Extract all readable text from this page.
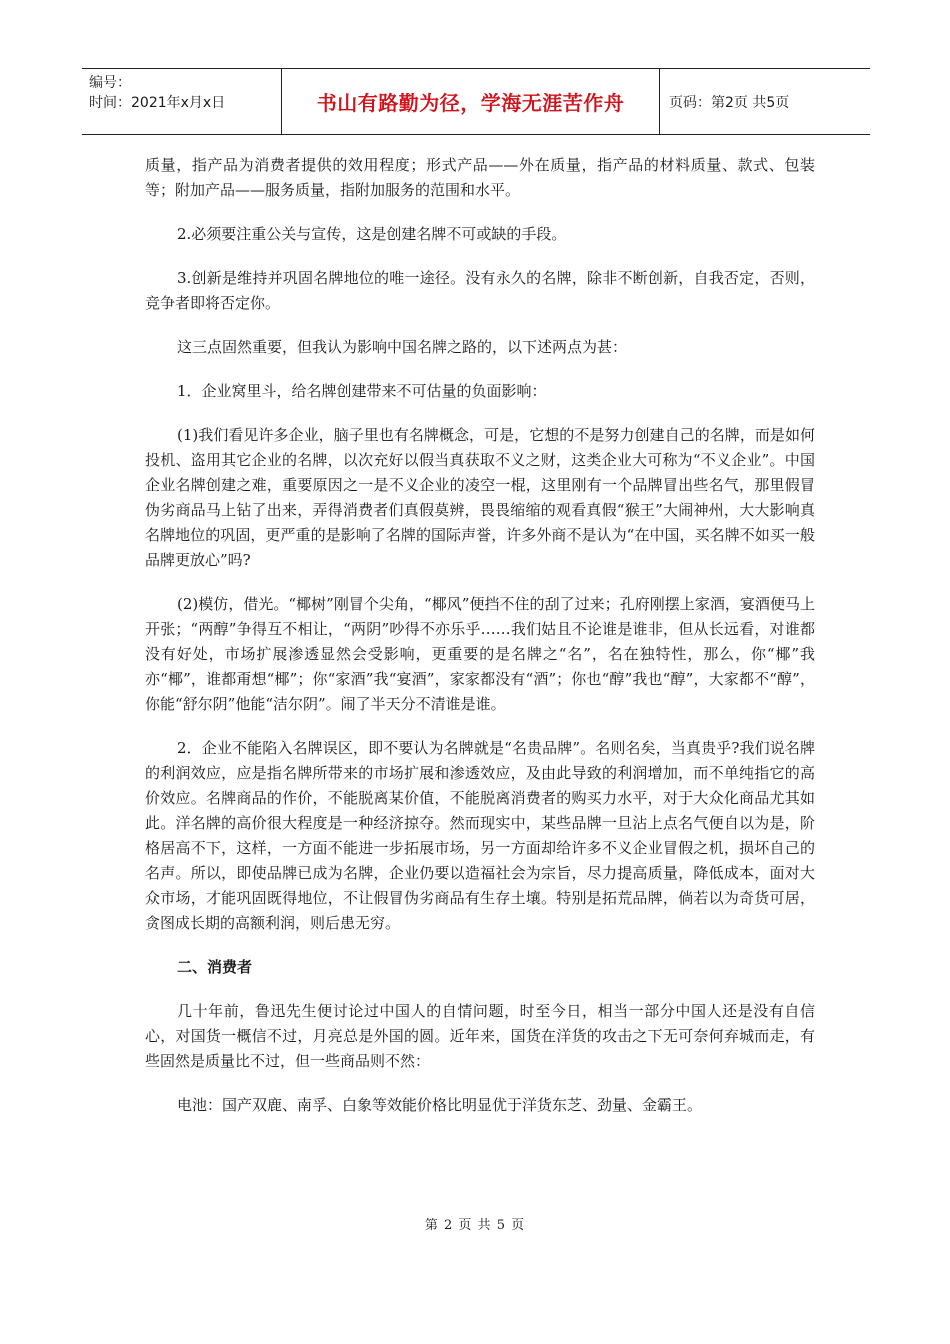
编号：
时间：2021年x月x日	书山有路勤为径，学海无涯苦作舟	页码：第2页 共5页

质量，指产品为消费者提供的效用程度；形式产品——外在质量，指产品的材料质量、款式、包装等；附加产品——服务质量，指附加服务的范围和水平。

2.必须要注重公关与宣传，这是创建名牌不可或缺的手段。

3.创新是维持并巩固名牌地位的唯一途径。没有永久的名牌，除非不断创新，自我否定，否则，竞争者即将否定你。

这三点固然重要，但我认为影响中国名牌之路的，以下述两点为甚：

1．企业窝里斗，给名牌创建带来不可估量的负面影响：

(1)我们看见许多企业，脑子里也有名牌概念，可是，它想的不是努力创建自己的名牌，而是如何投机、盗用其它企业的名牌，以次充好以假当真获取不义之财，这类企业大可称为“不义企业”。中国企业名牌创建之难，重要原因之一是不义企业的凌空一棍，这里刚有一个品牌冒出些名气，那里假冒伪劣商品马上钻了出来，弄得消费者们真假莫辨，畏畏缩缩的观看真假“猴王”大闹神州，大大影响真名牌地位的巩固，更严重的是影响了名牌的国际声誉，许多外商不是认为“在中国，买名牌不如买一般品牌更放心”吗?

(2)模仿，借光。“椰树”刚冒个尖角，“椰风”便挡不住的刮了过来；孔府刚摆上家酒，宴酒便马上开张；“两醇”争得互不相让，“两阴”吵得不亦乐乎……我们姑且不论谁是谁非，但从长远看，对谁都没有好处，市场扩展渗透显然会受影响，更重要的是名牌之“名”，名在独特性，那么，你“椰”我亦“椰”，谁都甭想“椰”；你“家酒”我“宴酒”，家家都没有“酒”；你也“醇”我也“醇”，大家都不“醇”，你能“舒尔阴”他能“洁尔阴”。闹了半天分不清谁是谁。

2．企业不能陷入名牌误区，即不要认为名牌就是“名贵品牌”。名则名矣，当真贵乎?我们说名牌的利润效应，应是指名牌所带来的市场扩展和渗透效应，及由此导致的利润增加，而不单纯指它的高价效应。名牌商品的作价，不能脱离某价值，不能脱离消费者的购买力水平，对于大众化商品尤其如此。洋名牌的高价很大程度是一种经济掠夺。然而现实中，某些品牌一旦沾上点名气便自以为是，阶格居高不下，这样，一方面不能进一步拓展市场，另一方面却给许多不义企业冒假之机，损坏自己的名声。所以，即使品牌已成为名牌，企业仍要以造福社会为宗旨，尽力提高质量，降低成本，面对大众市场，才能巩固既得地位，不让假冒伪劣商品有生存土壤。特别是拓荒品牌，倘若以为奇货可居，贪图成长期的高额利润，则后患无穷。

二、消费者

几十年前，鲁迅先生便讨论过中国人的自情问题，时至今日，相当一部分中国人还是没有自信心，对国货一概信不过，月亮总是外国的圆。近年来，国货在洋货的攻击之下无可奈何弃城而走，有些固然是质量比不过，但一些商品则不然：

电池：国产双鹿、南孚、白象等效能价格比明显优于洋货东芝、劲量、金霸王。

第 2 页 共 5 页
